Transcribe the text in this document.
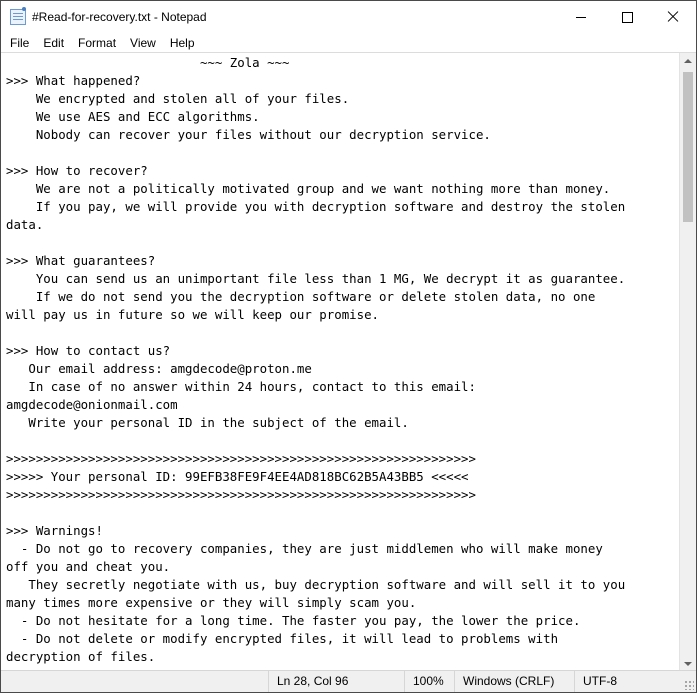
#Read-for-recovery.txt - Notepad
File	Edit	Format	View	Help
~~~ Zola ~~~
>>> What happened?
We encrypted and stolen all of your files.
We use AES and ECC algorithms.
Nobody can recover your files without our decryption service.

>>> How to recover?
We are not a politically motivated group and we want nothing more than money.
If you pay, we will provide you with decryption software and destroy the stolen
data.

>>> What guarantees?
You can send us an unimportant file less than 1 MG, We decrypt it as guarantee.
If we do not send you the decryption software or delete stolen data, no one
will pay us in future so we will keep our promise.

>>> How to contact us?
Our email address: amgdecode@proton.me
In case of no answer within 24 hours, contact to this email:
amgdecode@onionmail.com
Write your personal ID in the subject of the email.

>>>>>>>>>>>>>>>>>>>>>>>>>>>>>>>>>>>>>>>>>>>>>>>>>>>>>>>>>>>>>>>
>>>>> Your personal ID: 99EFB38FE9F4EE4AD818BC62B5A43BB5 <<<<<
>>>>>>>>>>>>>>>>>>>>>>>>>>>>>>>>>>>>>>>>>>>>>>>>>>>>>>>>>>>>>>>

>>> Warnings!
- Do not go to recovery companies, they are just middlemen who will make money
off you and cheat you.
They secretly negotiate with us, buy decryption software and will sell it to you
many times more expensive or they will simply scam you.
- Do not hesitate for a long time. The faster you pay, the lower the price.
- Do not delete or modify encrypted files, it will lead to problems with
decryption of files.

Ln 28, Col 96	100%	Windows (CRLF)	UTF-8
